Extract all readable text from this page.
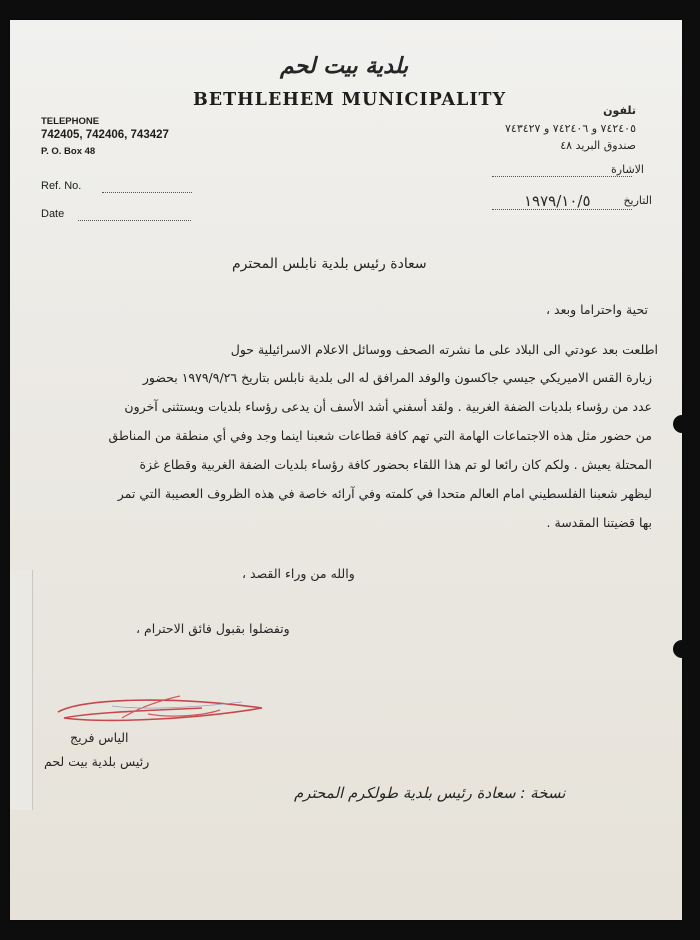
بلدية بيت لحم
BETHLEHEM MUNICIPALITY
TELEPHONE
742405, 742406, 743427
P. O. Box 48
تلفون
٧٤٢٤٠٥ و ٧٤٢٤٠٦ و ٧٤٣٤٢٧
صندوق البريد ٤٨
Ref. No.
Date
الاشارة
التاريخ
١٩٧٩/١٠/٥
سعادة رئيس بلدية نابلس المحترم
تحية واحتراما وبعد ،
اطلعت بعد عودتي الى البلاد على ما نشرته الصحف ووسائل الاعلام الاسرائيلية حول
زيارة القس الاميريكي جيسي جاكسون والوفد المرافق له الى بلدية نابلس بتاريخ ١٩٧٩/٩/٢٦ بحضور
عدد من رؤساء بلديات الضفة الغربية . ولقد أسفني أشد الأسف أن يدعى رؤساء بلديات ويستثنى آخرون
من حضور مثل هذه الاجتماعات الهامة التي تهم كافة قطاعات شعبنا اينما وجد وفي أي منطقة من المناطق
المحتلة يعيش . ولكم كان رائعا لو تم هذا اللقاء بحضور كافة رؤساء بلديات الضفة الغربية وقطاع غزة
ليظهر شعبنا الفلسطيني امام العالم متحدا في كلمته وفي آرائه خاصة في هذه الظروف العصيبة التي تمر
بها قضيتنا المقدسة .
والله من وراء القصد ،
وتفضلوا بقبول فائق الاحترام ،
الياس فريج
رئيس بلدية بيت لحم
نسخة : سعادة رئيس بلدية طولكرم المحترم
